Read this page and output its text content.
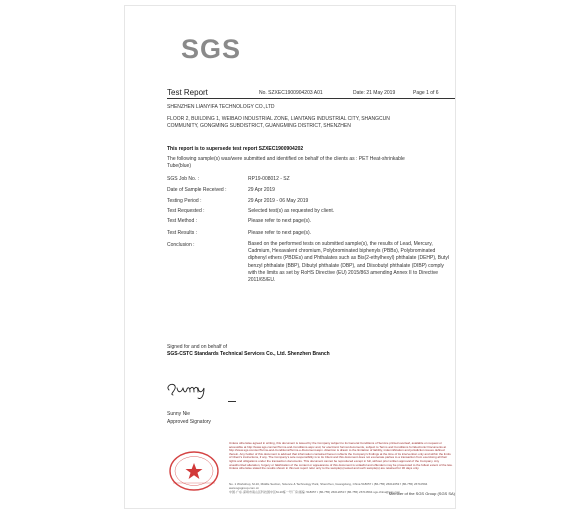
SGS
Test Report	No. SZXEC1900904203 A01	Date: 21 May 2019	Page 1 of 6
SHENZHEN LIANYIFA TECHNOLOGY CO.,LTD
FLOOR 2, BUILDING 1, WEIBAO INDUSTRIAL ZONE, LIANTANG INDUSTRIAL CITY, SHANGCUN
COMMUNITY, GONGMING SUBDISTRICT, GUANGMING DISTRICT, SHENZHEN
This report is to supersede test report SZXEC1900904202
The following sample(s) was/were submitted and identified on behalf of the clients as : PET Heat-shrinkable
Tube(blue)
SGS Job No. :	RP19-008012 - SZ
Date of Sample Received :	29 Apr 2019
Testing Period :	29 Apr 2019 - 06 May 2019
Test Requested :	Selected test(s) as requested by client.
Test Method :	Please refer to next page(s).
Test Results :	Please refer to next page(s).
Conclusion :	Based on the performed tests on submitted sample(s), the results of Lead, Mercury, Cadmium, Hexavalent chromium, Polybrominated biphenyls (PBBs), Polybrominated diphenyl ethers (PBDEs) and Phthalates such as Bis(2-ethylhexyl) phthalate (DEHP), Butyl benzyl phthalate (BBP), Dibutyl phthalate (DBP), and Diisobutyl phthalate (DIBP) comply with the limits as set by RoHS Directive (EU) 2015/863 amending Annex II to Directive 2011/65/EU.
Signed for and on behalf of
SGS-CSTC Standards Technical Services Co., Ltd. Shenzhen Branch
Sunny Nie
Approved Signatory
Unless otherwise agreed in writing, this document is issued by the Company subject to its General Conditions of Service printed overleaf, available on request or accessible at http://www.sgs.com/en/Terms-and-Conditions.aspx and, for electronic format documents, subject to Terms and Conditions for Electronic Documents at http://www.sgs.com/en/Terms-and-Conditions/Terms-e-Document.aspx. Attention is drawn to the limitation of liability, indemnification and jurisdiction issues defined therein. Any holder of this document is advised that information contained hereon reflects the Company's findings at the time of its intervention only and within the limits of Client's instructions, if any. The Company's sole responsibility is to its Client and this document does not exonerate parties to a transaction from exercising all their rights and obligations under the transaction documents. This document cannot be reproduced except in full, without prior written approval of the Company. Any unauthorized alteration, forgery or falsification of the content or appearance of this document is unlawful and offenders may be prosecuted to the fullest extent of the law. Unless otherwise stated the results shown in this test report refer only to the sample(s) tested and such sample(s) are retained for 30 days only.
No. 1 Workshop, M-10, Middle Section, Science & Technology Park, Shenzhen, Guangdong, China 518057 t (86-755) 26012053 f (86-755) 26710594 www.sgsgroup.com.cn
中国·广东·深圳市南山区科技园中区M-10栋一号厂房 邮编: 518057 t (86-755) 26012053 f (86-755) 26710594 sgs.china@sgs.com
Member of the SGS Group (SGS SA)
